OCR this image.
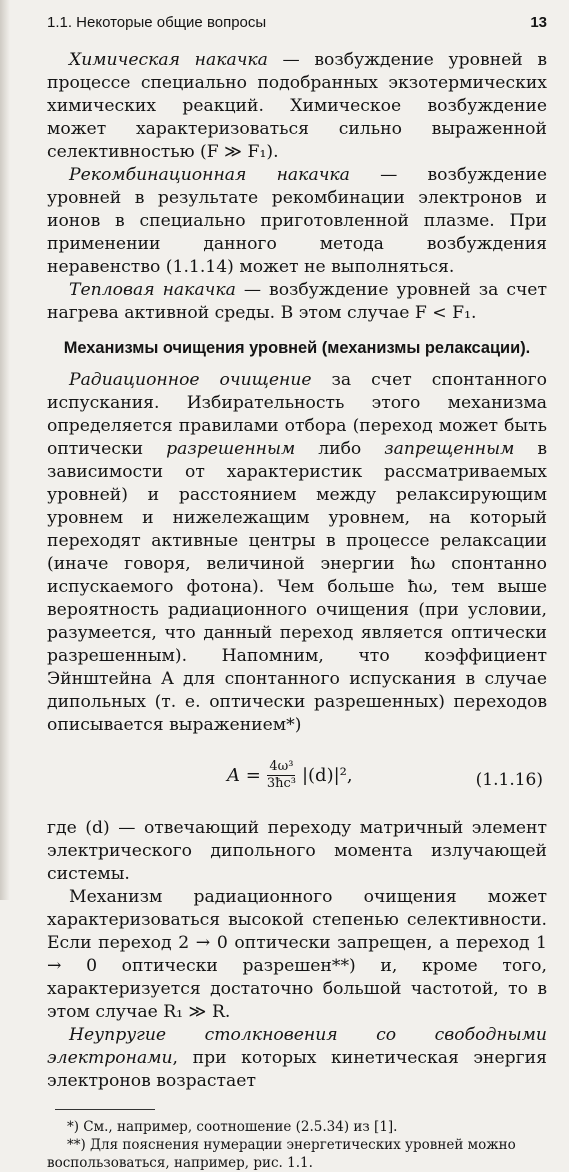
1.1. Некоторые общие вопросы	13

Химическая накачка — возбуждение уровней в процессе специально подобранных экзотермических химических реакций. Химическое возбуждение может характеризоваться сильно выраженной селективностью (F ≫ F₁).

Рекомбинационная накачка — возбуждение уровней в результате рекомбинации электронов и ионов в специально приготовленной плазме. При применении данного метода возбуждения неравенство (1.1.14) может не выполняться.

Тепловая накачка — возбуждение уровней за счет нагрева активной среды. В этом случае F < F₁.

Механизмы очищения уровней (механизмы релаксации).

Радиационное очищение за счет спонтанного испускания. Избирательность этого механизма определяется правилами отбора (переход может быть оптически разрешенным либо запрещенным в зависимости от характеристик рассматриваемых уровней) и расстоянием между релаксирующим уровнем и нижележащим уровнем, на который переходят активные центры в процессе релаксации (иначе говоря, величиной энергии ħω спонтанно испускаемого фотона). Чем больше ħω, тем выше вероятность радиационного очищения (при условии, разумеется, что данный переход является оптически разрешенным). Напомним, что коэффициент Эйнштейна A для спонтанного испускания в случае дипольных (т. е. оптически разрешенных) переходов описывается выражением*)

$A = \frac{\text{4ω³}}{\text{3ħc³}} |(d)|^2$,	(1.1.16)

где (d) — отвечающий переходу матричный элемент электрического дипольного момента излучающей системы.

Механизм радиационного очищения может характеризоваться высокой степенью селективности. Если переход 2 → 0 оптически запрещен, а переход 1 → 0 оптически разрешен**) и, кроме того, характеризуется достаточно большой частотой, то в этом случае R₁ ≫ R.

Неупругие столкновения со свободными электронами, при которых кинетическая энергия электронов возрастает

*) См., например, соотношение (2.5.34) из [1].

**) Для пояснения нумерации энергетических уровней можно воспользоваться, например, рис. 1.1.
